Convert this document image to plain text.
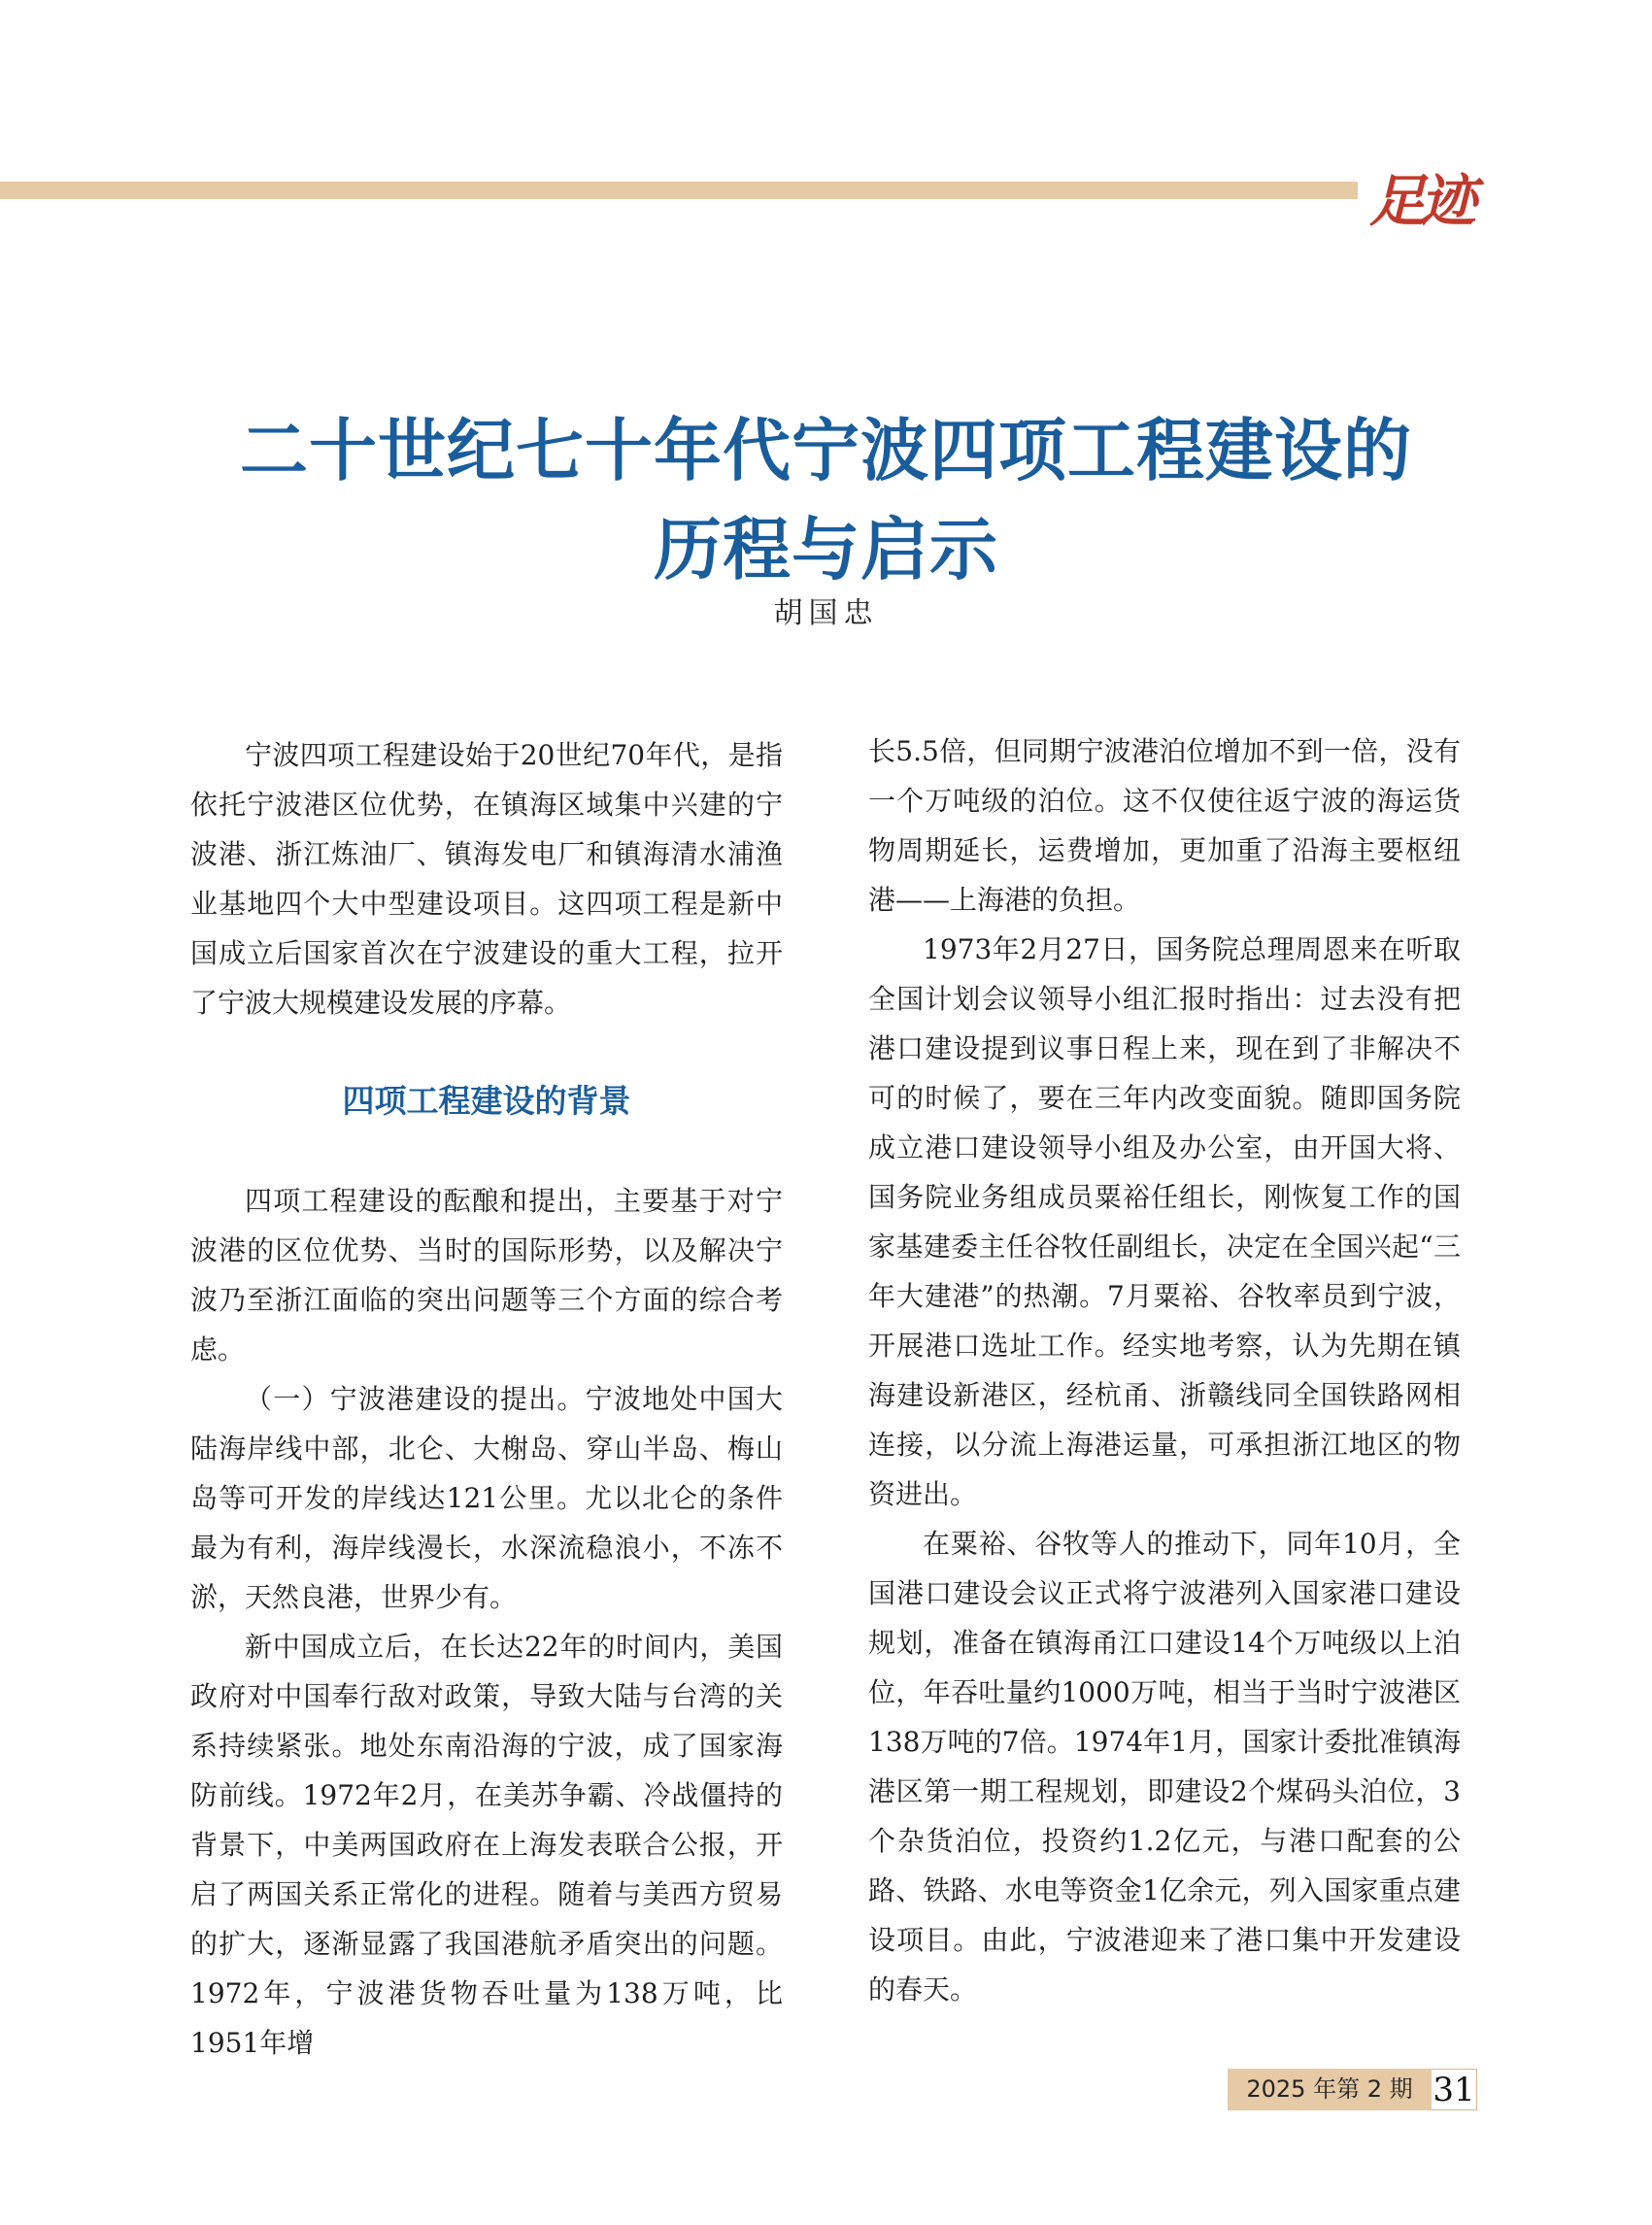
足迹
二十世纪七十年代宁波四项工程建设的
历程与启示
胡国忠

宁波四项工程建设始于20世纪70年代，是指依托宁波港区位优势，在镇海区域集中兴建的宁波港、浙江炼油厂、镇海发电厂和镇海清水浦渔业基地四个大中型建设项目。这四项工程是新中国成立后国家首次在宁波建设的重大工程，拉开了宁波大规模建设发展的序幕。

四项工程建设的背景

四项工程建设的酝酿和提出，主要基于对宁波港的区位优势、当时的国际形势，以及解决宁波乃至浙江面临的突出问题等三个方面的综合考虑。

（一）宁波港建设的提出。宁波地处中国大陆海岸线中部，北仑、大榭岛、穿山半岛、梅山岛等可开发的岸线达121公里。尤以北仑的条件最为有利，海岸线漫长，水深流稳浪小，不冻不淤，天然良港，世界少有。

新中国成立后，在长达22年的时间内，美国政府对中国奉行敌对政策，导致大陆与台湾的关系持续紧张。地处东南沿海的宁波，成了国家海防前线。1972年2月，在美苏争霸、冷战僵持的背景下，中美两国政府在上海发表联合公报，开启了两国关系正常化的进程。随着与美西方贸易的扩大，逐渐显露了我国港航矛盾突出的问题。1972年，宁波港货物吞吐量为138万吨，比1951年增

长5.5倍，但同期宁波港泊位增加不到一倍，没有一个万吨级的泊位。这不仅使往返宁波的海运货物周期延长，运费增加，更加重了沿海主要枢纽港——上海港的负担。

1973年2月27日，国务院总理周恩来在听取全国计划会议领导小组汇报时指出：过去没有把港口建设提到议事日程上来，现在到了非解决不可的时候了，要在三年内改变面貌。随即国务院成立港口建设领导小组及办公室，由开国大将、国务院业务组成员粟裕任组长，刚恢复工作的国家基建委主任谷牧任副组长，决定在全国兴起“三年大建港”的热潮。7月粟裕、谷牧率员到宁波，开展港口选址工作。经实地考察，认为先期在镇海建设新港区，经杭甬、浙赣线同全国铁路网相连接，以分流上海港运量，可承担浙江地区的物资进出。

在粟裕、谷牧等人的推动下，同年10月，全国港口建设会议正式将宁波港列入国家港口建设规划，准备在镇海甬江口建设14个万吨级以上泊位，年吞吐量约1000万吨，相当于当时宁波港区138万吨的7倍。1974年1月，国家计委批准镇海港区第一期工程规划，即建设2个煤码头泊位，3个杂货泊位，投资约1.2亿元，与港口配套的公路、铁路、水电等资金1亿余元，列入国家重点建设项目。由此，宁波港迎来了港口集中开发建设的春天。

2025 年第 2 期 31
